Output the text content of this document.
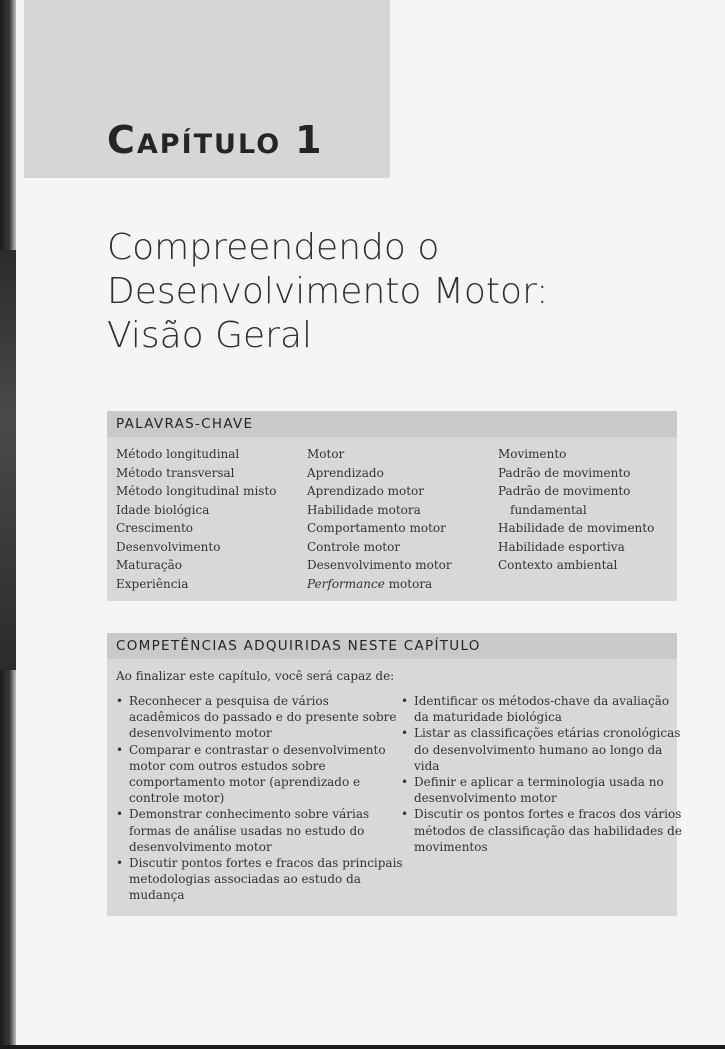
CAPÍTULO 1
Compreendendo o
Desenvolvimento Motor:
Visão Geral
PALAVRAS-CHAVE
Método longitudinal
Método transversal
Método longitudinal misto
Idade biológica
Crescimento
Desenvolvimento
Maturação
Experiência
Motor
Aprendizado
Aprendizado motor
Habilidade motora
Comportamento motor
Controle motor
Desenvolvimento motor
Performance motora
Movimento
Padrão de movimento
Padrão de movimento
fundamental
Habilidade de movimento
Habilidade esportiva
Contexto ambiental
COMPETÊNCIAS ADQUIRIDAS NESTE CAPÍTULO
Ao finalizar este capítulo, você será capaz de:
• Reconhecer a pesquisa de vários
acadêmicos do passado e do presente sobre
desenvolvimento motor
• Comparar e contrastar o desenvolvimento
motor com outros estudos sobre
comportamento motor (aprendizado e
controle motor)
• Demonstrar conhecimento sobre várias
formas de análise usadas no estudo do
desenvolvimento motor
• Discutir pontos fortes e fracos das principais
metodologias associadas ao estudo da
mudança
• Identificar os métodos-chave da avaliação
da maturidade biológica
• Listar as classificações etárias cronológicas
do desenvolvimento humano ao longo da
vida
• Definir e aplicar a terminologia usada no
desenvolvimento motor
• Discutir os pontos fortes e fracos dos vários
métodos de classificação das habilidades de
movimentos
